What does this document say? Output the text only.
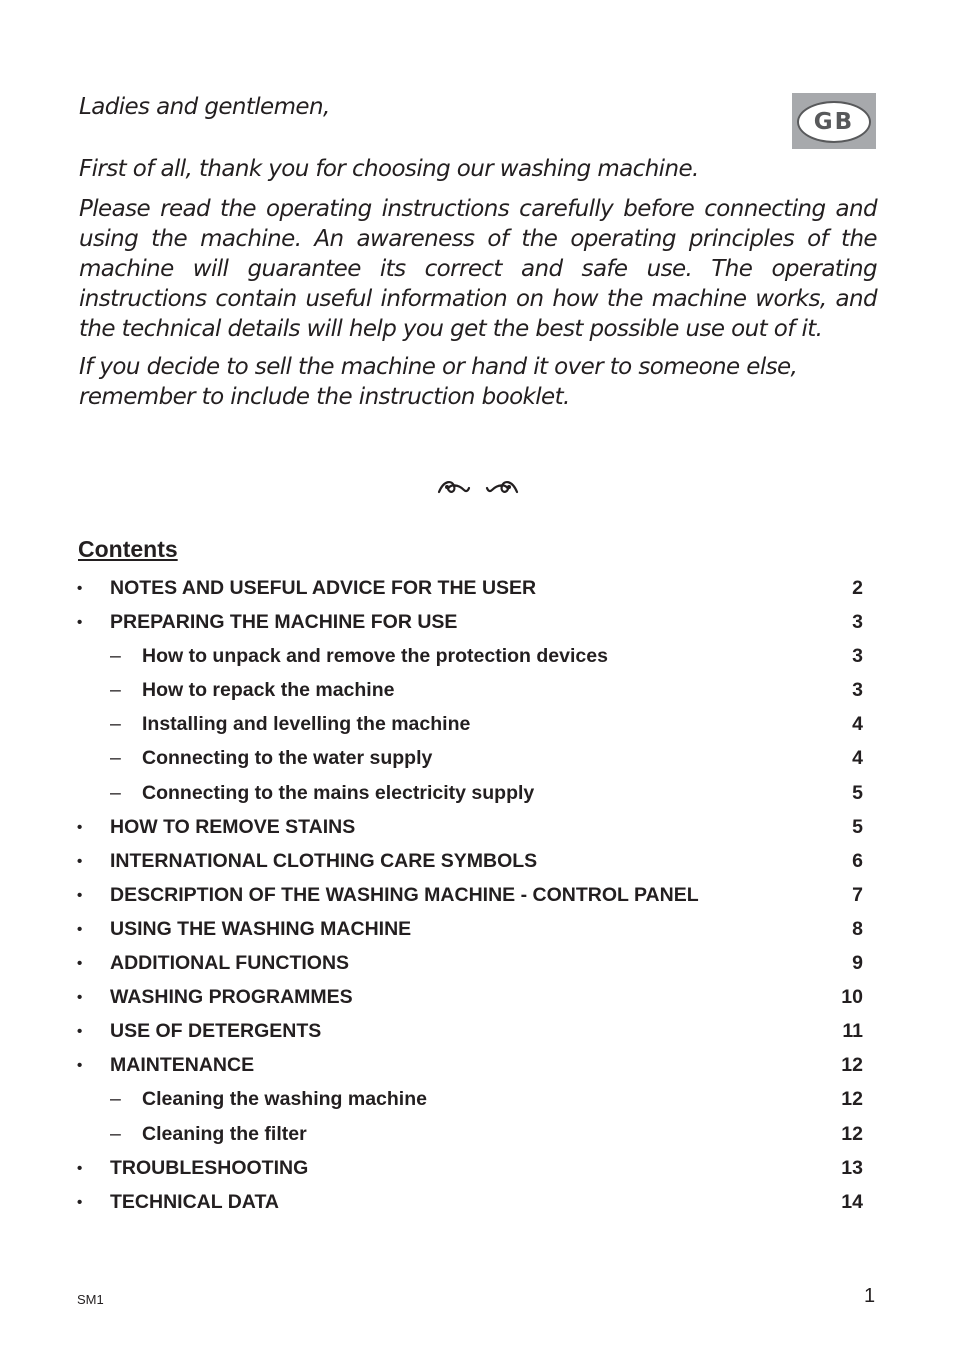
Ladies and gentlemen,

GB

First of all, thank you for choosing our washing machine.

Please read the operating instructions carefully before connecting and using the machine. An awareness of the operating principles of the machine will guarantee its correct and safe use. The operating instructions contain useful information on how the machine works, and the technical details will help you get the best possible use out of it.

If you decide to sell the machine or hand it over to someone else, remember to include the instruction booklet.

Contents
• NOTES AND USEFUL ADVICE FOR THE USER	2
• PREPARING THE MACHINE FOR USE	3
– How to unpack and remove the protection devices	3
– How to repack the machine	3
– Installing and levelling the machine	4
– Connecting to the water supply	4
– Connecting to the mains electricity supply	5
• HOW TO REMOVE STAINS	5
• INTERNATIONAL CLOTHING CARE SYMBOLS	6
• DESCRIPTION OF THE WASHING MACHINE - CONTROL PANEL	7
• USING THE WASHING MACHINE	8
• ADDITIONAL FUNCTIONS	9
• WASHING PROGRAMMES	10
• USE OF DETERGENTS	11
• MAINTENANCE	12
– Cleaning the washing machine	12
– Cleaning the filter	12
• TROUBLESHOOTING	13
• TECHNICAL DATA	14
SM1	1
